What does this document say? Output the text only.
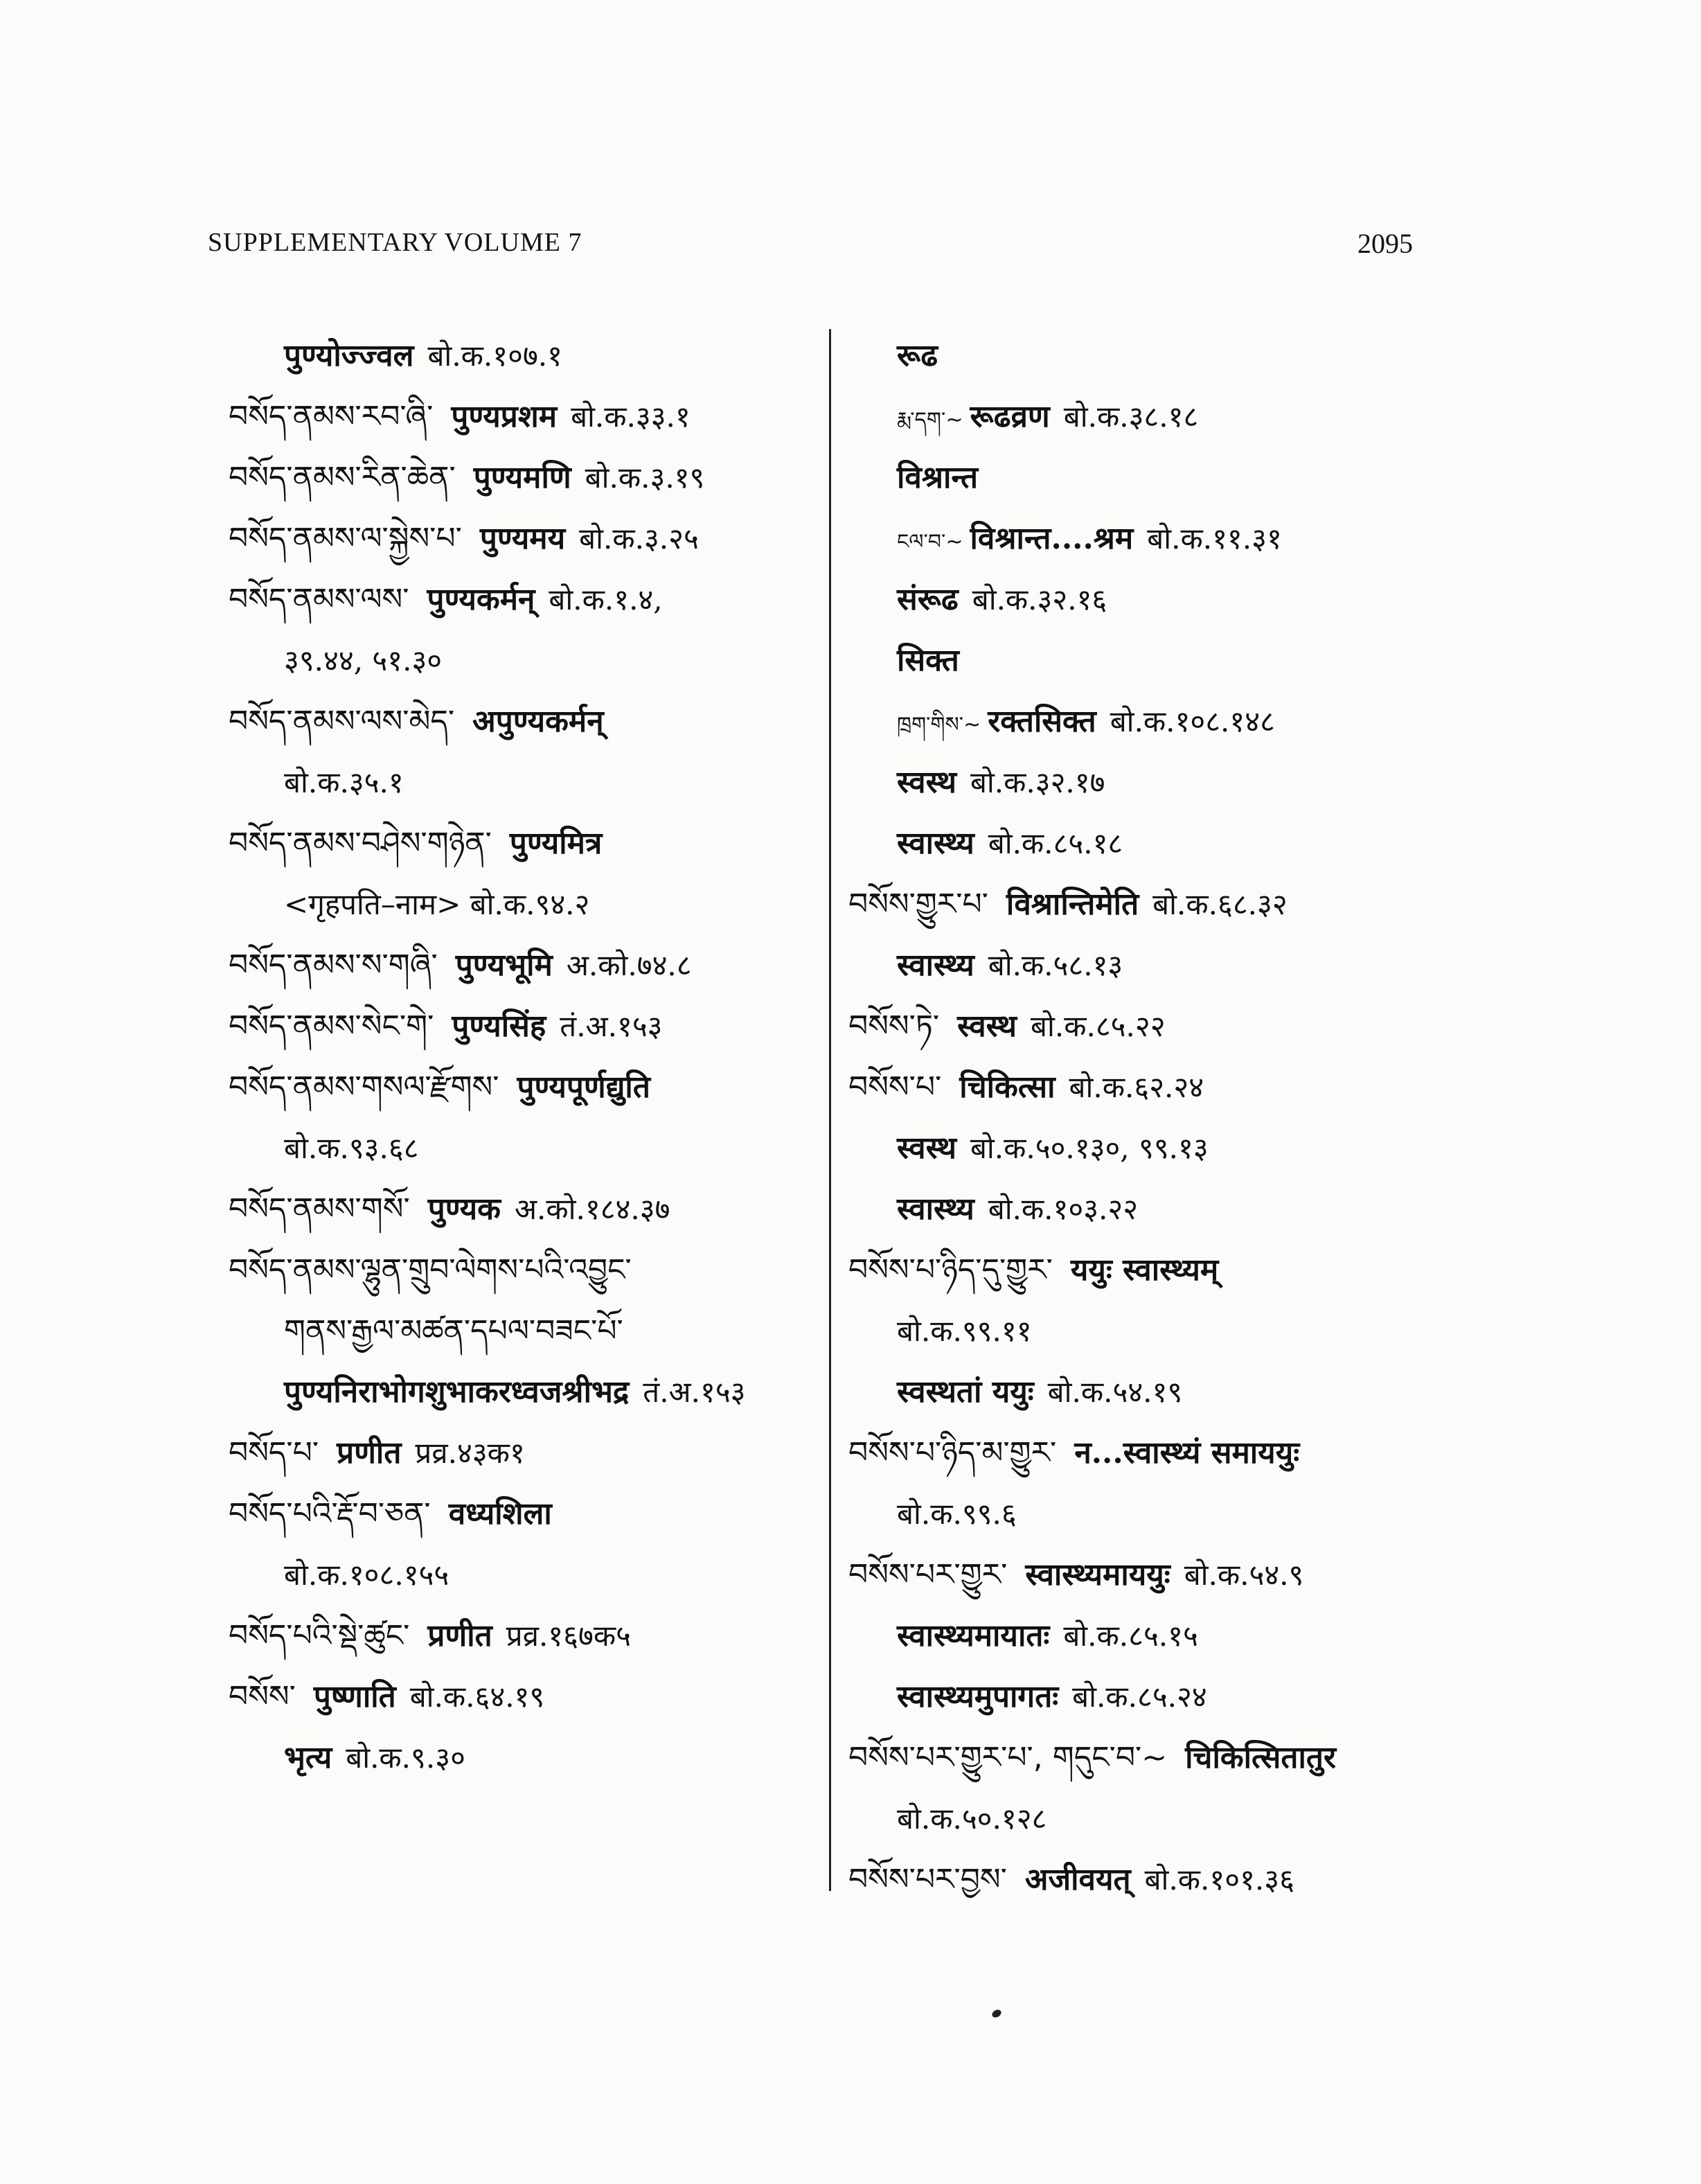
SUPPLEMENTARY VOLUME 7	2095
पुण्योज्ज्वल बो.क.१०७.१
བསོད་ནམས་རབ་ཞི་ पुण्यप्रशम बो.क.३३.१
བསོད་ནམས་རིན་ཆེན་ पुण्यमणि बो.क.३.१९
བསོད་ནམས་ལ་སྐྱེས་པ་ पुण्यमय बो.क.३.२५
བསོད་ནམས་ལས་ पुण्यकर्मन् बो.क.१.४,
३९.४४, ५१.३०
བསོད་ནམས་ལས་མེད་ अपुण्यकर्मन्
बो.क.३५.१
བསོད་ནམས་བཤེས་གཉེན་ पुण्यमित्र
<गृहपति–नाम> बो.क.९४.२
བསོད་ནམས་ས་གཞི་ पुण्यभूमि अ.को.७४.८
བསོད་ནམས་སེང་གེ་ पुण्यसिंह तं.अ.१५३
བསོད་ནམས་གསལ་རྫོགས་ पुण्यपूर्णद्युति
बो.क.९३.६८
བསོད་ནམས་གསོ་ पुण्यक अ.को.१८४.३७
བསོད་ནམས་ལྷུན་གྲུབ་ལེགས་པའི་འབྱུང་
གནས་རྒྱལ་མཚན་དཔལ་བཟང་པོ་
पुण्यनिराभोगशुभाकरध्वजश्रीभद्र तं.अ.१५३
བསོད་པ་ प्रणीत प्रव्र.४३क१
བསོད་པའི་རྡོ་བ་ཅན་ वध्यशिला
बो.क.१०८.१५५
བསོད་པའི་སྡེ་ཚུང་ प्रणीत प्रव्र.१६७क५
བསོས་ पुष्णाति बो.क.६४.१९
भृत्य बो.क.९.३०
रूढ
རྨ་དག་~ रूढव्रण बो.क.३८.१८
विश्रान्त
ངལ་བ་~ विश्रान्त....श्रम बो.क.११.३१
संरूढ बो.क.३२.१६
सिक्त
ཁྲག་གིས་~ रक्तसिक्त बो.क.१०८.१४८
स्वस्थ बो.क.३२.१७
स्वास्थ्य बो.क.८५.१८
བསོས་གྱུར་པ་ विश्रान्तिमेति बो.क.६८.३२
स्वास्थ्य बो.क.५८.१३
བསོས་ཏེ་ स्वस्थ बो.क.८५.२२
བསོས་པ་ चिकित्सा बो.क.६२.२४
स्वस्थ बो.क.५०.१३०, ९९.१३
स्वास्थ्य बो.क.१०३.२२
བསོས་པ་ཉིད་དུ་གྱུར་ ययुः स्वास्थ्यम्
बो.क.९९.११
स्वस्थतां ययुः बो.क.५४.१९
བསོས་པ་ཉིད་མ་གྱུར་ न...स्वास्थ्यं समाययुः
बो.क.९९.६
བསོས་པར་གྱུར་ स्वास्थ्यमाययुः बो.क.५४.९
स्वास्थ्यमायातः बो.क.८५.१५
स्वास्थ्यमुपागतः बो.क.८५.२४
བསོས་པར་གྱུར་པ་, གདུང་བ་~ चिकित्सितातुर
बो.क.५०.१२८
བསོས་པར་བྱས་ अजीवयत् बो.क.१०१.३६
